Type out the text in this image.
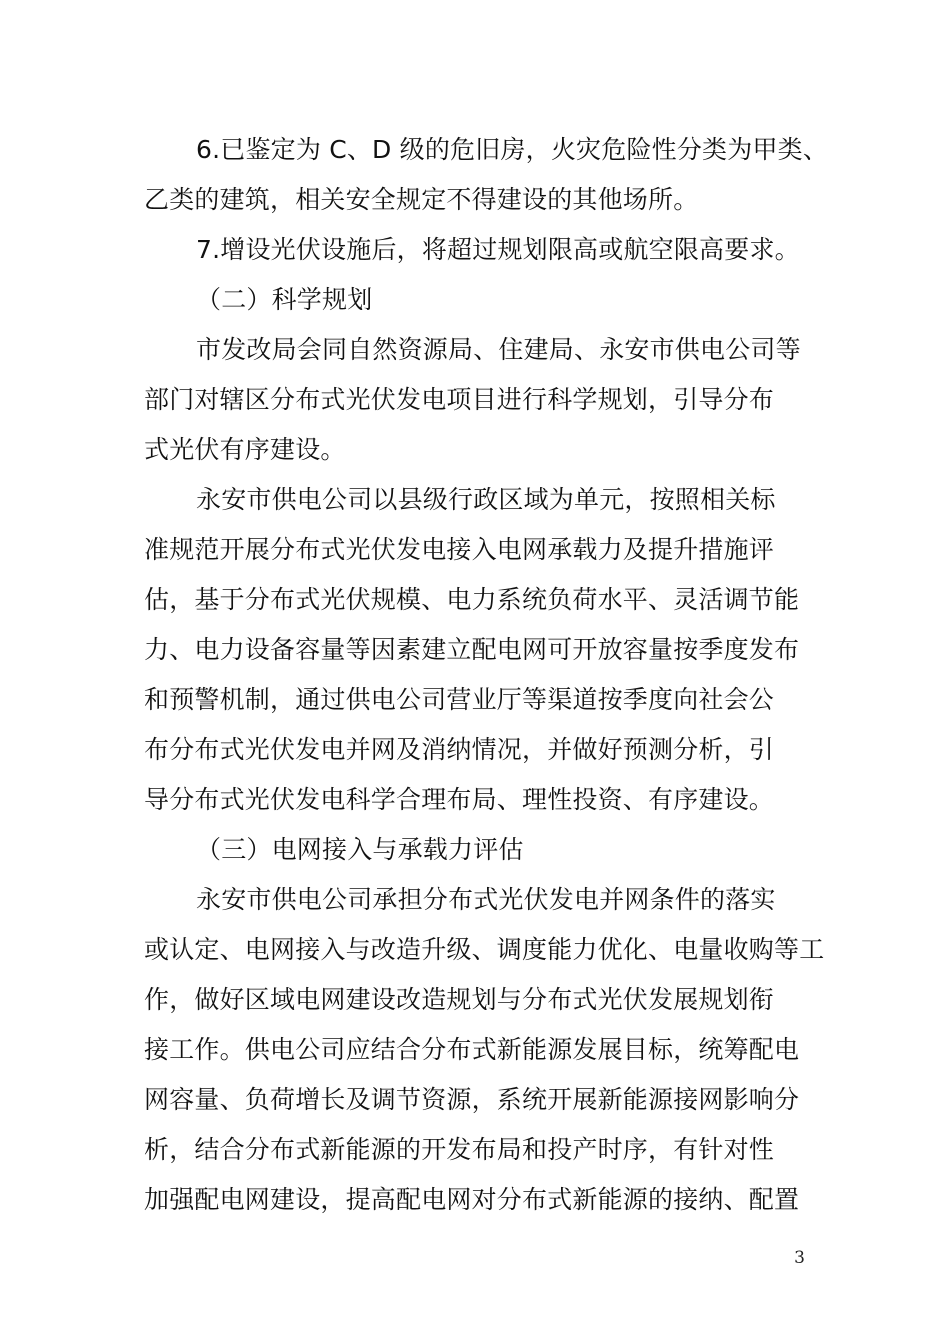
6.已鉴定为 C、D 级的危旧房，火灾危险性分类为甲类、
乙类的建筑，相关安全规定不得建设的其他场所。
7.增设光伏设施后，将超过规划限高或航空限高要求。
（二）科学规划
市发改局会同自然资源局、住建局、永安市供电公司等
部门对辖区分布式光伏发电项目进行科学规划，引导分布
式光伏有序建设。
永安市供电公司以县级行政区域为单元，按照相关标
准规范开展分布式光伏发电接入电网承载力及提升措施评
估，基于分布式光伏规模、电力系统负荷水平、灵活调节能
力、电力设备容量等因素建立配电网可开放容量按季度发布
和预警机制，通过供电公司营业厅等渠道按季度向社会公
布分布式光伏发电并网及消纳情况，并做好预测分析，引
导分布式光伏发电科学合理布局、理性投资、有序建设。
（三）电网接入与承载力评估
永安市供电公司承担分布式光伏发电并网条件的落实
或认定、电网接入与改造升级、调度能力优化、电量收购等工
作，做好区域电网建设改造规划与分布式光伏发展规划衔
接工作。供电公司应结合分布式新能源发展目标，统筹配电
网容量、负荷增长及调节资源，系统开展新能源接网影响分
析，结合分布式新能源的开发布局和投产时序，有针对性
加强配电网建设，提高配电网对分布式新能源的接纳、配置
3
